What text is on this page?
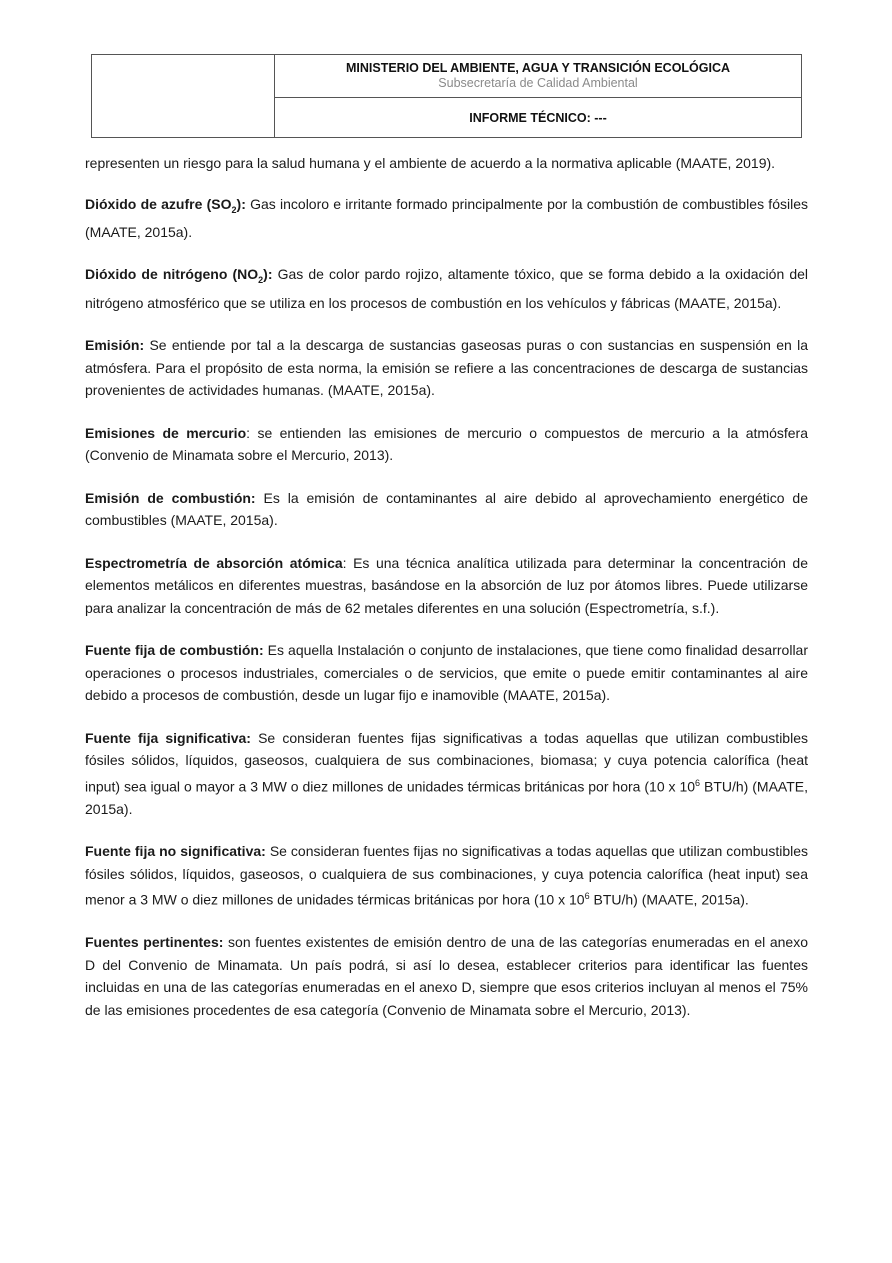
MINISTERIO DEL AMBIENTE, AGUA Y TRANSICIÓN ECOLÓGICA
Subsecretaría de Calidad Ambiental
INFORME TÉCNICO: ---

representen un riesgo para la salud humana y el ambiente de acuerdo a la normativa aplicable (MAATE, 2019).

Dióxido de azufre $(SO_2)$: Gas incoloro e irritante formado principalmente por la combustión de combustibles fósiles (MAATE, 2015a).

Dióxido de nitrógeno $(NO_2)$: Gas de color pardo rojizo, altamente tóxico, que se forma debido a la oxidación del nitrógeno atmosférico que se utiliza en los procesos de combustión en los vehículos y fábricas (MAATE, 2015a).

Emisión: Se entiende por tal a la descarga de sustancias gaseosas puras o con sustancias en suspensión en la atmósfera. Para el propósito de esta norma, la emisión se refiere a las concentraciones de descarga de sustancias provenientes de actividades humanas. (MAATE, 2015a).

Emisiones de mercurio: se entienden las emisiones de mercurio o compuestos de mercurio a la atmósfera (Convenio de Minamata sobre el Mercurio, 2013).

Emisión de combustión: Es la emisión de contaminantes al aire debido al aprovechamiento energético de combustibles (MAATE, 2015a).

Espectrometría de absorción atómica: Es una técnica analítica utilizada para determinar la concentración de elementos metálicos en diferentes muestras, basándose en la absorción de luz por átomos libres. Puede utilizarse para analizar la concentración de más de 62 metales diferentes en una solución (Espectrometría, s.f.).

Fuente fija de combustión: Es aquella Instalación o conjunto de instalaciones, que tiene como finalidad desarrollar operaciones o procesos industriales, comerciales o de servicios, que emite o puede emitir contaminantes al aire debido a procesos de combustión, desde un lugar fijo e inamovible (MAATE, 2015a).

Fuente fija significativa: Se consideran fuentes fijas significativas a todas aquellas que utilizan combustibles fósiles sólidos, líquidos, gaseosos, cualquiera de sus combinaciones, biomasa; y cuya potencia calorífica (heat input) sea igual o mayor a 3 MW o diez millones de unidades térmicas británicas por hora (10 x $10^6$ BTU/h) (MAATE, 2015a).

Fuente fija no significativa: Se consideran fuentes fijas no significativas a todas aquellas que utilizan combustibles fósiles sólidos, líquidos, gaseosos, o cualquiera de sus combinaciones, y cuya potencia calorífica (heat input) sea menor a 3 MW o diez millones de unidades térmicas británicas por hora (10 x $10^6$ BTU/h) (MAATE, 2015a).

Fuentes pertinentes: son fuentes existentes de emisión dentro de una de las categorías enumeradas en el anexo D del Convenio de Minamata. Un país podrá, si así lo desea, establecer criterios para identificar las fuentes incluidas en una de las categorías enumeradas en el anexo D, siempre que esos criterios incluyan al menos el 75% de las emisiones procedentes de esa categoría (Convenio de Minamata sobre el Mercurio, 2013).
